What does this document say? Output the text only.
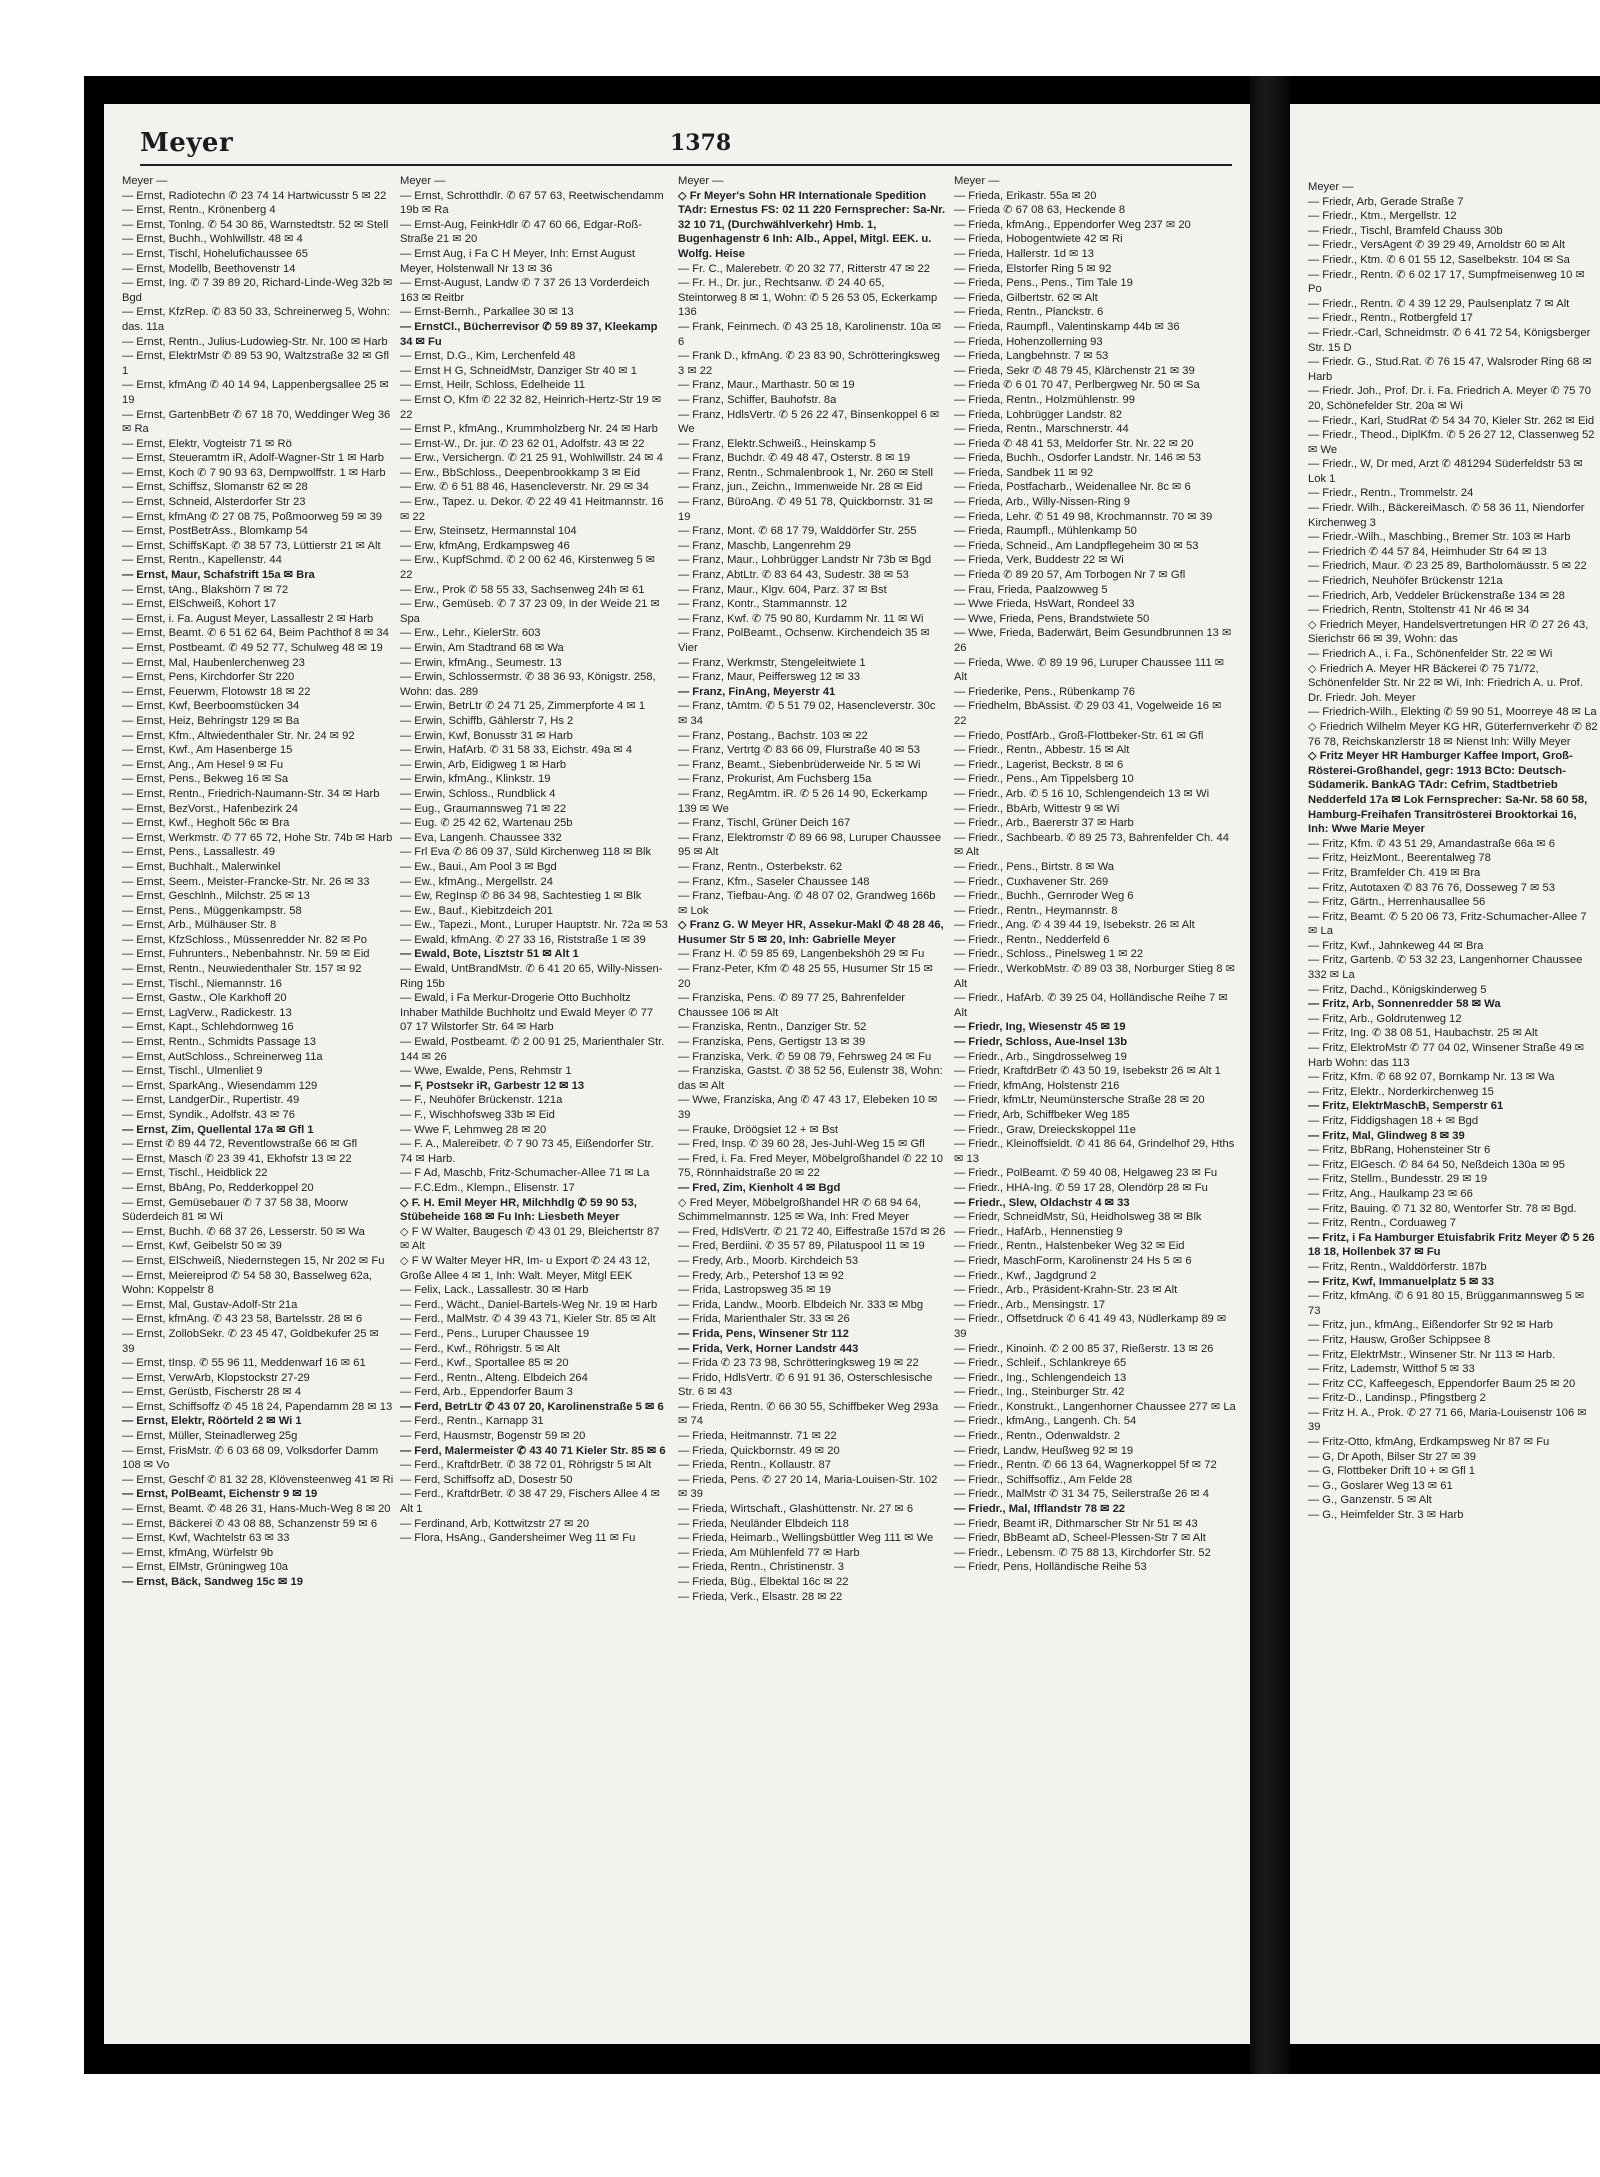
Meyer	1378
Meyer —
— Ernst, Radiotechn ✆ 23 74 14 Hartwicusstr 5 ✉ 22
— Ernst, Rentn., Krönenberg 4
— Ernst, Tonlng. ✆ 54 30 86, Warnstedtstr. 52 ✉ Stell
— Ernst, Buchh., Wohlwillstr. 48 ✉ 4
— Ernst, Tischl, Hohelufichaussee 65
— Ernst, Modellb, Beethovenstr 14
— Ernst, Ing. ✆ 7 39 89 20, Richard-Linde-Weg 32b ✉ Bgd
— Ernst, KfzRep. ✆ 83 50 33, Schreinerweg 5, Wohn: das. 11a
— Ernst, Rentn., Julius-Ludowieg-Str. Nr. 100 ✉ Harb
— Ernst, ElektrMstr ✆ 89 53 90, Waltzstraße 32 ✉ Gfl 1
— Ernst, kfmAng ✆ 40 14 94, Lappenbergsallee 25 ✉ 19
— Ernst, GartenbBetr ✆ 67 18 70, Weddinger Weg 36 ✉ Ra
— Ernst, Elektr, Vogteistr 71 ✉ Rö
— Ernst, Steueramtm iR, Adolf-Wagner-Str 1 ✉ Harb
— Ernst, Koch ✆ 7 90 93 63, Dempwolffstr. 1 ✉ Harb
— Ernst, Schiffsz, Slomanstr 62 ✉ 28
— Ernst, Schneid, Alsterdorfer Str 23
— Ernst, kfmAng ✆ 27 08 75, Poßmoorweg 59 ✉ 39
— Ernst, PostBetrAss., Blomkamp 54
— Ernst, SchiffsKapt. ✆ 38 57 73, Lüttierstr 21 ✉ Alt
— Ernst, Rentn., Kapellenstr. 44
— Ernst, Maur, Schafstrift 15a ✉ Bra
— Ernst, tAng., Blakshörn 7 ✉ 72
— Ernst, ElSchweiß, Kohort 17
— Ernst, i. Fa. August Meyer, Lassallestr 2 ✉ Harb
— Ernst, Beamt. ✆ 6 51 62 64, Beim Pachthof 8 ✉ 34
— Ernst, Postbeamt. ✆ 49 52 77, Schulweg 48 ✉ 19
— Ernst, Mal, Haubenlerchenweg 23
— Ernst, Pens, Kirchdorfer Str 220
— Ernst, Feuerwm, Flotowstr 18 ✉ 22
— Ernst, Kwf, Beerboomstücken 34
— Ernst, Heiz, Behringstr 129 ✉ Ba
— Ernst, Kfm., Altwiedenthaler Str. Nr. 24 ✉ 92
— Ernst, Kwf., Am Hasenberge 15
— Ernst, Ang., Am Hesel 9 ✉ Fu
— Ernst, Pens., Bekweg 16 ✉ Sa
— Ernst, Rentn., Friedrich-Naumann-Str. 34 ✉ Harb
— Ernst, BezVorst., Hafenbezirk 24
— Ernst, Kwf., Hegholt 56c ✉ Bra
— Ernst, Werkmstr. ✆ 77 65 72, Hohe Str. 74b ✉ Harb
— Ernst, Pens., Lassallestr. 49
— Ernst, Buchhalt., Malerwinkel
— Ernst, Seem., Meister-Francke-Str. Nr. 26 ✉ 33
— Ernst, Geschlnh., Milchstr. 25 ✉ 13
— Ernst, Pens., Müggenkampstr. 58
— Ernst, Arb., Mülhäuser Str. 8
— Ernst, KfzSchloss., Müssenredder Nr. 82 ✉ Po
— Ernst, Fuhrunters., Nebenbahnstr. Nr. 59 ✉ Eid
— Ernst, Rentn., Neuwiedenthaler Str. 157 ✉ 92
— Ernst, Tischl., Niemannstr. 16
— Ernst, Gastw., Ole Karkhoff 20
— Ernst, LagVerw., Radickestr. 13
— Ernst, Kapt., Schlehdornweg 16
— Ernst, Rentn., Schmidts Passage 13
— Ernst, AutSchloss., Schreinerweg 11a
— Ernst, Tischl., Ulmenliet 9
— Ernst, SparkAng., Wiesendamm 129
— Ernst, LandgerDir., Rupertistr. 49
— Ernst, Syndik., Adolfstr. 43 ✉ 76
— Ernst, Zim, Quellental 17a ✉ Gfl 1
— Ernst ✆ 89 44 72, Reventlowstraße 66 ✉ Gfl
— Ernst, Masch ✆ 23 39 41, Ekhofstr 13 ✉ 22
— Ernst, Tischl., Heidblick 22
— Ernst, BbAng, Po, Redderkoppel 20
— Ernst, Gemüsebauer ✆ 7 37 58 38, Moorw Süderdeich 81 ✉ Wi
— Ernst, Buchh. ✆ 68 37 26, Lesserstr. 50 ✉ Wa
— Ernst, Kwf, Geibelstr 50 ✉ 39
— Ernst, ElSchweiß, Niedernstegen 15, Nr 202 ✉ Fu
— Ernst, Meiereiprod ✆ 54 58 30, Basselweg 62a, Wohn: Koppelstr 8
— Ernst, Mal, Gustav-Adolf-Str 21a
— Ernst, kfmAng. ✆ 43 23 58, Bartelsstr. 28 ✉ 6
— Ernst, ZollobSekr. ✆ 23 45 47, Goldbekufer 25 ✉ 39
— Ernst, tInsp. ✆ 55 96 11, Meddenwarf 16 ✉ 61
— Ernst, VerwArb, Klopstockstr 27-29
— Ernst, Gerüstb, Fischerstr 28 ✉ 4
— Ernst, Schiffsoffz ✆ 45 18 24, Papendamm 28 ✉ 13
— Ernst, Elektr, Röörteld 2 ✉ Wi 1
— Ernst, Müller, Steinadlerweg 25g
— Ernst, FrisMstr. ✆ 6 03 68 09, Volksdorfer Damm 108 ✉ Vo
— Ernst, Geschf ✆ 81 32 28, Klövensteenweg 41 ✉ Ri
— Ernst, PolBeamt, Eichenstr 9 ✉ 19
— Ernst, Beamt. ✆ 48 26 31, Hans-Much-Weg 8 ✉ 20
— Ernst, Bäckerei ✆ 43 08 88, Schanzenstr 59 ✉ 6
— Ernst, Kwf, Wachtelstr 63 ✉ 33
— Ernst, kfmAng, Würfelstr 9b
— Ernst, ElMstr, Grüningweg 10a
— Ernst, Bäck, Sandweg 15c ✉ 19
Meyer —
— Ernst, Schrotthdlr. ✆ 67 57 63, Reetwischendamm 19b ✉ Ra
— Ernst-Aug, FeinkHdlr ✆ 47 60 66, Edgar-Roß-Straße 21 ✉ 20
— Ernst Aug, i Fa C H Meyer, Inh: Ernst August Meyer, Holstenwall Nr 13 ✉ 36
— Ernst-August, Landw ✆ 7 37 26 13 Vorderdeich 163 ✉ Reitbr
— Ernst-Bernh., Parkallee 30 ✉ 13
— ErnstCl., Bücherrevisor ✆ 59 89 37, Kleekamp 34 ✉ Fu
— Ernst, D.G., Kim, Lerchenfeld 48
— Ernst H G, SchneidMstr, Danziger Str 40 ✉ 1
— Ernst, Heilr, Schloss, Edelheide 11
— Ernst O, Kfm ✆ 22 32 82, Heinrich-Hertz-Str 19 ✉ 22
— Ernst P., kfmAng., Krummholzberg Nr. 24 ✉ Harb
— Ernst-W., Dr. jur. ✆ 23 62 01, Adolfstr. 43 ✉ 22
— Erw., Versichergn. ✆ 21 25 91, Wohlwillstr. 24 ✉ 4
— Erw., BbSchloss., Deepenbrookkamp 3 ✉ Eid
— Erw. ✆ 6 51 88 46, Hasencleverstr. Nr. 29 ✉ 34
— Erw., Tapez. u. Dekor. ✆ 22 49 41 Heitmannstr. 16 ✉ 22
— Erw, Steinsetz, Hermannstal 104
— Erw, kfmAng, Erdkampsweg 46
— Erw., KupfSchmd. ✆ 2 00 62 46, Kirstenweg 5 ✉ 22
— Erw., Prok ✆ 58 55 33, Sachsenweg 24h ✉ 61
— Erw., Gemüseb. ✆ 7 37 23 09, In der Weide 21 ✉ Spa
— Erw., Lehr., KielerStr. 603
— Erwin, Am Stadtrand 68 ✉ Wa
— Erwin, kfmAng., Seumestr. 13
— Erwin, Schlossermstr. ✆ 38 36 93, Königstr. 258, Wohn: das. 289
— Erwin, BetrLtr ✆ 24 71 25, Zimmerpforte 4 ✉ 1
— Erwin, Schiffb, Gählerstr 7, Hs 2
— Erwin, Kwf, Bonusstr 31 ✉ Harb
— Erwin, HafArb. ✆ 31 58 33, Eichstr. 49a ✉ 4
— Erwin, Arb, Eidigweg 1 ✉ Harb
— Erwin, kfmAng., Klinkstr. 19
— Erwin, Schloss., Rundblick 4
— Eug., Graumannsweg 71 ✉ 22
— Eug. ✆ 25 42 62, Wartenau 25b
— Eva, Langenh. Chaussee 332
— Frl Eva ✆ 86 09 37, Süld Kirchenweg 118 ✉ Blk
— Ew., Baui., Am Pool 3 ✉ Bgd
— Ew., kfmAng., Mergellstr. 24
— Ew, RegInsp ✆ 86 34 98, Sachtestieg 1 ✉ Blk
— Ew., Bauf., Kiebitzdeich 201
— Ew., Tapezi., Mont., Luruper Hauptstr. Nr. 72a ✉ 53
— Ewald, kfmAng. ✆ 27 33 16, Riststraße 1 ✉ 39
— Ewald, Bote, Lisztstr 51 ✉ Alt 1
— Ewald, UntBrandMstr. ✆ 6 41 20 65, Willy-Nissen-Ring 15b
— Ewald, i Fa Merkur-Drogerie Otto Buchholtz Inhaber Mathilde Buchholtz und Ewald Meyer ✆ 77 07 17 Wilstorfer Str. 64 ✉ Harb
— Ewald, Postbeamt. ✆ 2 00 91 25, Marienthaler Str. 144 ✉ 26
— Wwe, Ewalde, Pens, Rehmstr 1
— F, Postsekr iR, Garbestr 12 ✉ 13
— F., Neuhöfer Brückenstr. 121a
— F., Wischhofsweg 33b ✉ Eid
— Wwe F, Lehmweg 28 ✉ 20
— F. A., Malereibetr. ✆ 7 90 73 45, Eißendorfer Str. 74 ✉ Harb.
— F Ad, Maschb, Fritz-Schumacher-Allee 71 ✉ La
— F.C.Edm., Klempn., Elisenstr. 17
◇ F. H. Emil Meyer HR, Milchhdlg ✆ 59 90 53, Stübeheide 168 ✉ Fu Inh: Liesbeth Meyer
◇ F W Walter, Baugesch ✆ 43 01 29, Bleichertstr 87 ✉ Alt
◇ F W Walter Meyer HR, Im- u Export ✆ 24 43 12, Große Allee 4 ✉ 1, Inh: Walt. Meyer, Mitgl EEK
— Felix, Lack., Lassallestr. 30 ✉ Harb
— Ferd., Wächt., Daniel-Bartels-Weg Nr. 19 ✉ Harb
— Ferd., MalMstr. ✆ 4 39 43 71, Kieler Str. 85 ✉ Alt
— Ferd., Pens., Luruper Chaussee 19
— Ferd., Kwf., Röhrigstr. 5 ✉ Alt
— Ferd., Kwf., Sportallee 85 ✉ 20
— Ferd., Rentn., Alteng. Elbdeich 264
— Ferd, Arb., Eppendorfer Baum 3
— Ferd, BetrLtr ✆ 43 07 20, Karolinenstraße 5 ✉ 6
— Ferd., Rentn., Karnapp 31
— Ferd, Hausmstr, Bogenstr 59 ✉ 20
— Ferd, Malermeister ✆ 43 40 71 Kieler Str. 85 ✉ 6
— Ferd., KraftdrBetr. ✆ 38 72 01, Röhrigstr 5 ✉ Alt
— Ferd, Schiffsoffz aD, Dosestr 50
— Ferd., KraftdrBetr. ✆ 38 47 29, Fischers Allee 4 ✉ Alt 1
— Ferdinand, Arb, Kottwitzstr 27 ✉ 20
— Flora, HsAng., Gandersheimer Weg 11 ✉ Fu
Meyer —
◇ Fr Meyer's Sohn HR Internationale Spedition TAdr: Ernestus FS: 02 11 220 Fernsprecher: Sa-Nr. 32 10 71, (Durchwählverkehr) Hmb. 1, Bugenhagenstr 6 Inh: Alb., Appel, Mitgl. EEK. u. Wolfg. Heise
— Fr. C., Malerebetr. ✆ 20 32 77, Ritterstr 47 ✉ 22
— Fr. H., Dr. jur., Rechtsanw. ✆ 24 40 65, Steintorweg 8 ✉ 1, Wohn: ✆ 5 26 53 05, Eckerkamp 136
— Frank, Feinmech. ✆ 43 25 18, Karolinenstr. 10a ✉ 6
— Frank D., kfmAng. ✆ 23 83 90, Schrötteringksweg 3 ✉ 22
— Franz, Maur., Marthastr. 50 ✉ 19
— Franz, Schiffer, Bauhofstr. 8a
— Franz, HdlsVertr. ✆ 5 26 22 47, Binsenkoppel 6 ✉ We
— Franz, Elektr.Schweiß., Heinskamp 5
— Franz, Buchdr. ✆ 49 48 47, Osterstr. 8 ✉ 19
— Franz, Rentn., Schmalenbrook 1, Nr. 260 ✉ Stell
— Franz, jun., Zeichn., Immenweide Nr. 28 ✉ Eid
— Franz, BüroAng. ✆ 49 51 78, Quickbornstr. 31 ✉ 19
— Franz, Mont. ✆ 68 17 79, Walddörfer Str. 255
— Franz, Maschb, Langenrehm 29
— Franz, Maur., Lohbrügger Landstr Nr 73b ✉ Bgd
— Franz, AbtLtr. ✆ 83 64 43, Sudestr. 38 ✉ 53
— Franz, Maur., Klgv. 604, Parz. 37 ✉ Bst
— Franz, Kontr., Stammannstr. 12
— Franz, Kwf. ✆ 75 90 80, Kurdamm Nr. 11 ✉ Wi
— Franz, PolBeamt., Ochsenw. Kirchendeich 35 ✉ Vier
— Franz, Werkmstr, Stengeleitwiete 1
— Franz, Maur, Peiffersweg 12 ✉ 33
— Franz, FinAng, Meyerstr 41
— Franz, tAmtm. ✆ 5 51 79 02, Hasencleverstr. 30c ✉ 34
— Franz, Postang., Bachstr. 103 ✉ 22
— Franz, Vertrtg ✆ 83 66 09, Flurstraße 40 ✉ 53
— Franz, Beamt., Siebenbrüderweide Nr. 5 ✉ Wi
— Franz, Prokurist, Am Fuchsberg 15a
— Franz, RegAmtm. iR. ✆ 5 26 14 90, Eckerkamp 139 ✉ We
— Franz, Tischl, Grüner Deich 167
— Franz, Elektromstr ✆ 89 66 98, Luruper Chaussee 95 ✉ Alt
— Franz, Rentn., Osterbekstr. 62
— Franz, Kfm., Saseler Chaussee 148
— Franz, Tiefbau-Ang. ✆ 48 07 02, Grandweg 166b ✉ Lok
◇ Franz G. W Meyer HR, Assekur-Makl ✆ 48 28 46, Husumer Str 5 ✉ 20, Inh: Gabrielle Meyer
— Franz H. ✆ 59 85 69, Langenbekshöh 29 ✉ Fu
— Franz-Peter, Kfm ✆ 48 25 55, Husumer Str 15 ✉ 20
— Franziska, Pens. ✆ 89 77 25, Bahrenfelder Chaussee 106 ✉ Alt
— Franziska, Rentn., Danziger Str. 52
— Franziska, Pens, Gertigstr 13 ✉ 39
— Franziska, Verk. ✆ 59 08 79, Fehrsweg 24 ✉ Fu
— Franziska, Gastst. ✆ 38 52 56, Eulenstr 38, Wohn: das ✉ Alt
— Wwe, Franziska, Ang ✆ 47 43 17, Elebeken 10 ✉ 39
— Frauke, Dröögsiet 12 + ✉ Bst
— Fred, Insp. ✆ 39 60 28, Jes-Juhl-Weg 15 ✉ Gfl
— Fred, i. Fa. Fred Meyer, Möbelgroßhandel ✆ 22 10 75, Rönnhaidstraße 20 ✉ 22
— Fred, Zim, Kienholt 4 ✉ Bgd
◇ Fred Meyer, Möbelgroßhandel HR ✆ 68 94 64, Schimmelmannstr. 125 ✉ Wa, Inh: Fred Meyer
— Fred, HdlsVertr. ✆ 21 72 40, Eiffestraße 157d ✉ 26
— Fred, Berdiini. ✆ 35 57 89, Pilatuspool 11 ✉ 19
— Fredy, Arb., Moorb. Kirchdeich 53
— Fredy, Arb., Petershof 13 ✉ 92
— Frida, Lastropsweg 35 ✉ 19
— Frida, Landw., Moorb. Elbdeich Nr. 333 ✉ Mbg
— Frida, Marienthaler Str. 33 ✉ 26
— Frida, Pens, Winsener Str 112
— Frida, Verk, Horner Landstr 443
— Frida ✆ 23 73 98, Schrötteringksweg 19 ✉ 22
— Frido, HdlsVertr. ✆ 6 91 91 36, Osterschlesische Str. 6 ✉ 43
— Frieda, Rentn. ✆ 66 30 55, Schiffbeker Weg 293a ✉ 74
— Frieda, Heitmannstr. 71 ✉ 22
— Frieda, Quickbornstr. 49 ✉ 20
— Frieda, Rentn., Kollaustr. 87
— Frieda, Pens. ✆ 27 20 14, Maria-Louisen-Str. 102 ✉ 39
— Frieda, Wirtschaft., Glashüttenstr. Nr. 27 ✉ 6
— Frieda, Neuländer Elbdeich 118
— Frieda, Heimarb., Wellingsbüttler Weg 111 ✉ We
— Frieda, Am Mühlenfeld 77 ✉ Harb
— Frieda, Rentn., Christinenstr. 3
— Frieda, Büg., Elbektal 16c ✉ 22
— Frieda, Verk., Elsastr. 28 ✉ 22
Meyer —
— Frieda, Erikastr. 55a ✉ 20
— Frieda ✆ 67 08 63, Heckende 8
— Frieda, kfmAng., Eppendorfer Weg 237 ✉ 20
— Frieda, Hobogentwiete 42 ✉ Ri
— Frieda, Hallerstr. 1d ✉ 13
— Frieda, Elstorfer Ring 5 ✉ 92
— Frieda, Pens., Pens., Tim Tale 19
— Frieda, Gilbertstr. 62 ✉ Alt
— Frieda, Rentn., Planckstr. 6
— Frieda, Raumpfl., Valentinskamp 44b ✉ 36
— Frieda, Hohenzollerning 93
— Frieda, Langbehnstr. 7 ✉ 53
— Frieda, Sekr ✆ 48 79 45, Klärchenstr 21 ✉ 39
— Frieda ✆ 6 01 70 47, Perlbergweg Nr. 50 ✉ Sa
— Frieda, Rentn., Holzmühlenstr. 99
— Frieda, Lohbrügger Landstr. 82
— Frieda, Rentn., Marschnerstr. 44
— Frieda ✆ 48 41 53, Meldorfer Str. Nr. 22 ✉ 20
— Frieda, Buchh., Osdorfer Landstr. Nr. 146 ✉ 53
— Frieda, Sandbek 11 ✉ 92
— Frieda, Postfacharb., Weidenallee Nr. 8c ✉ 6
— Frieda, Arb., Willy-Nissen-Ring 9
— Frieda, Lehr. ✆ 51 49 98, Krochmannstr. 70 ✉ 39
— Frieda, Raumpfl., Mühlenkamp 50
— Frieda, Schneid., Am Landpflegeheim 30 ✉ 53
— Frieda, Verk, Buddestr 22 ✉ Wi
— Frieda ✆ 89 20 57, Am Torbogen Nr 7 ✉ Gfl
— Frau, Frieda, Paalzowweg 5
— Wwe Frieda, HsWart, Rondeel 33
— Wwe, Frieda, Pens, Brandstwiete 50
— Wwe, Frieda, Baderwärt, Beim Gesundbrunnen 13 ✉ 26
— Frieda, Wwe. ✆ 89 19 96, Luruper Chaussee 111 ✉ Alt
— Friederike, Pens., Rübenkamp 76
— Friedhelm, BbAssist. ✆ 29 03 41, Vogelweide 16 ✉ 22
— Friedo, PostfArb., Groß-Flottbeker-Str. 61 ✉ Gfl
— Friedr., Rentn., Abbestr. 15 ✉ Alt
— Friedr., Lagerist, Beckstr. 8 ✉ 6
— Friedr., Pens., Am Tippelsberg 10
— Friedr., Arb. ✆ 5 16 10, Schlengendeich 13 ✉ Wi
— Friedr., BbArb, Wittestr 9 ✉ Wi
— Friedr., Arb., Baererstr 37 ✉ Harb
— Friedr., Sachbearb. ✆ 89 25 73, Bahrenfelder Ch. 44 ✉ Alt
— Friedr., Pens., Birtstr. 8 ✉ Wa
— Friedr., Cuxhavener Str. 269
— Friedr., Buchh., Gernroder Weg 6
— Friedr., Rentn., Heymannstr. 8
— Friedr., Ang. ✆ 4 39 44 19, Isebekstr. 26 ✉ Alt
— Friedr., Rentn., Nedderfeld 6
— Friedr., Schloss., Pinelsweg 1 ✉ 22
— Friedr., WerkobMstr. ✆ 89 03 38, Norburger Stieg 8 ✉ Alt
— Friedr., HafArb. ✆ 39 25 04, Holländische Reihe 7 ✉ Alt
— Friedr, Ing, Wiesenstr 45 ✉ 19
— Friedr, Schloss, Aue-Insel 13b
— Friedr., Arb., Singdrosselweg 19
— Friedr, KraftdrBetr ✆ 43 50 19, Isebekstr 26 ✉ Alt 1
— Friedr, kfmAng, Holstenstr 216
— Friedr, kfmLtr, Neumünstersche Straße 28 ✉ 20
— Friedr, Arb, Schiffbeker Weg 185
— Friedr., Graw, Dreieckskoppel 11e
— Friedr., Kleinoffsieldt. ✆ 41 86 64, Grindelhof 29, Hths ✉ 13
— Friedr., PolBeamt. ✆ 59 40 08, Helgaweg 23 ✉ Fu
— Friedr., HHA-Ing. ✆ 59 17 28, Olendörp 28 ✉ Fu
— Friedr., Slew, Oldachstr 4 ✉ 33
— Friedr, SchneidMstr, Sü, Heidholsweg 38 ✉ Blk
— Friedr., HafArb., Hennenstieg 9
— Friedr., Rentn., Halstenbeker Weg 32 ✉ Eid
— Friedr, MaschForm, Karolinenstr 24 Hs 5 ✉ 6
— Friedr., Kwf., Jagdgrund 2
— Friedr., Arb., Präsident-Krahn-Str. 23 ✉ Alt
— Friedr., Arb., Mensingstr. 17
— Friedr., Offsetdruck ✆ 6 41 49 43, Nüdlerkamp 89 ✉ 39
— Friedr., Kinoinh. ✆ 2 00 85 37, Rießerstr. 13 ✉ 26
— Friedr., Schleif., Schlankreye 65
— Friedr., Ing., Schlengendeich 13
— Friedr., Ing., Steinburger Str. 42
— Friedr., Konstrukt., Langenhorner Chaussee 277 ✉ La
— Friedr., kfmAng., Langenh. Ch. 54
— Friedr., Rentn., Odenwaldstr. 2
— Friedr, Landw, Heußweg 92 ✉ 19
— Friedr., Rentn. ✆ 66 13 64, Wagnerkoppel 5f ✉ 72
— Friedr., Schiffsoffiz., Am Felde 28
— Friedr., MalMstr ✆ 31 34 75, Seilerstraße 26 ✉ 4
— Friedr., Mal, Ifflandstr 78 ✉ 22
— Friedr, Beamt iR, Dithmarscher Str Nr 51 ✉ 43
— Friedr, BbBeamt aD, Scheel-Plessen-Str 7 ✉ Alt
— Friedr., Lebensm. ✆ 75 88 13, Kirchdorfer Str. 52
— Friedr, Pens, Holländische Reihe 53
Meyer —
— Friedr, Arb, Gerade Straße 7
— Friedr., Ktm., Mergellstr. 12
— Friedr., Tischl, Bramfeld Chauss 30b
— Friedr., VersAgent ✆ 39 29 49, Arnoldstr 60 ✉ Alt
— Friedr., Ktm. ✆ 6 01 55 12, Saselbekstr. 104 ✉ Sa
— Friedr., Rentn. ✆ 6 02 17 17, Sumpfmeisenweg 10 ✉ Po
— Friedr., Rentn. ✆ 4 39 12 29, Paulsenplatz 7 ✉ Alt
— Friedr., Rentn., Rotbergfeld 17
— Friedr.-Carl, Schneidmstr. ✆ 6 41 72 54, Königsberger Str. 15 D
— Friedr. G., Stud.Rat. ✆ 76 15 47, Walsroder Ring 68 ✉ Harb
— Friedr. Joh., Prof. Dr. i. Fa. Friedrich A. Meyer ✆ 75 70 20, Schönefelder Str. 20a ✉ Wi
— Friedr., Karl, StudRat ✆ 54 34 70, Kieler Str. 262 ✉ Eid
— Friedr., Theod., DiplKfm. ✆ 5 26 27 12, Classenweg 52 ✉ We
— Friedr., W, Dr med, Arzt ✆ 481294 Süderfeldstr 53 ✉ Lok 1
— Friedr., Rentn., Trommelstr. 24
— Friedr. Wilh., BäckereiMasch. ✆ 58 36 11, Niendorfer Kirchenweg 3
— Friedr.-Wilh., Maschbing., Bremer Str. 103 ✉ Harb
— Friedrich ✆ 44 57 84, Heimhuder Str 64 ✉ 13
— Friedrich, Maur. ✆ 23 25 89, Bartholomäusstr. 5 ✉ 22
— Friedrich, Neuhöfer Brückenstr 121a
— Friedrich, Arb, Veddeler Brückenstraße 134 ✉ 28
— Friedrich, Rentn, Stoltenstr 41 Nr 46 ✉ 34
◇ Friedrich Meyer, Handelsvertretungen HR ✆ 27 26 43, Sierichstr 66 ✉ 39, Wohn: das
— Friedrich A., i. Fa., Schönenfelder Str. 22 ✉ Wi
◇ Friedrich A. Meyer HR Bäckerei ✆ 75 71/72, Schönenfelder Str. Nr 22 ✉ Wi, Inh: Friedrich A. u. Prof. Dr. Friedr. Joh. Meyer
— Friedrich-Wilh., Elekting ✆ 59 90 51, Moorreye 48 ✉ La
◇ Friedrich Wilhelm Meyer KG HR, Güterfernverkehr ✆ 82 76 78, Reichskanzlerstr 18 ✉ Nienst Inh: Willy Meyer
◇ Fritz Meyer HR Hamburger Kaffee Import, Groß-Rösterei-Großhandel, gegr: 1913 BCto: Deutsch-Südamerik. BankAG TAdr: Cefrim, Stadtbetrieb Nedderfeld 17a ✉ Lok Fernsprecher: Sa-Nr. 58 60 58, Hamburg-Freihafen Transitrösterei Brooktorkai 16, Inh: Wwe Marie Meyer
— Fritz, Kfm. ✆ 43 51 29, Amandastraße 66a ✉ 6
— Fritz, HeizMont., Beerentalweg 78
— Fritz, Bramfelder Ch. 419 ✉ Bra
— Fritz, Autotaxen ✆ 83 76 76, Dosseweg 7 ✉ 53
— Fritz, Gärtn., Herrenhausallee 56
— Fritz, Beamt. ✆ 5 20 06 73, Fritz-Schumacher-Allee 7 ✉ La
— Fritz, Kwf., Jahnkeweg 44 ✉ Bra
— Fritz, Gartenb. ✆ 53 32 23, Langenhorner Chaussee 332 ✉ La
— Fritz, Dachd., Königskinderweg 5
— Fritz, Arb, Sonnenredder 58 ✉ Wa
— Fritz, Arb., Goldrutenweg 12
— Fritz, Ing. ✆ 38 08 51, Haubachstr. 25 ✉ Alt
— Fritz, ElektroMstr ✆ 77 04 02, Winsener Straße 49 ✉ Harb Wohn: das 113
— Fritz, Kfm. ✆ 68 92 07, Bornkamp Nr. 13 ✉ Wa
— Fritz, Elektr., Norderkirchenweg 15
— Fritz, ElektrMaschB, Semperstr 61
— Fritz, Fiddigshagen 18 + ✉ Bgd
— Fritz, Mal, Glindweg 8 ✉ 39
— Fritz, BbRang, Hohensteiner Str 6
— Fritz, ElGesch. ✆ 84 64 50, Neßdeich 130a ✉ 95
— Fritz, Stellm., Bundesstr. 29 ✉ 19
— Fritz, Ang., Haulkamp 23 ✉ 66
— Fritz, Bauing. ✆ 71 32 80, Wentorfer Str. 78 ✉ Bgd.
— Fritz, Rentn., Corduaweg 7
— Fritz, i Fa Hamburger Etuisfabrik Fritz Meyer ✆ 5 26 18 18, Hollenbek 37 ✉ Fu
— Fritz, Rentn., Walddörferstr. 187b
— Fritz, Kwf, Immanuelplatz 5 ✉ 33
— Fritz, kfmAng. ✆ 6 91 80 15, Brügganmannsweg 5 ✉ 73
— Fritz, jun., kfmAng., Eißendorfer Str 92 ✉ Harb
— Fritz, Hausw, Großer Schippsee 8
— Fritz, ElektrMstr., Winsener Str. Nr 113 ✉ Harb.
— Fritz, Lademstr, Witthof 5 ✉ 33
— Fritz CC, Kaffeegesch, Eppendorfer Baum 25 ✉ 20
— Fritz-D., Landinsp., Pfingstberg 2
— Fritz H. A., Prok. ✆ 27 71 66, Maria-Louisenstr 106 ✉ 39
— Fritz-Otto, kfmAng, Erdkampsweg Nr 87 ✉ Fu
— G, Dr Apoth, Bilser Str 27 ✉ 39
— G, Flottbeker Drift 10 + ✉ Gfl 1
— G., Goslarer Weg 13 ✉ 61
— G., Ganzenstr. 5 ✉ Alt
— G., Heimfelder Str. 3 ✉ Harb
